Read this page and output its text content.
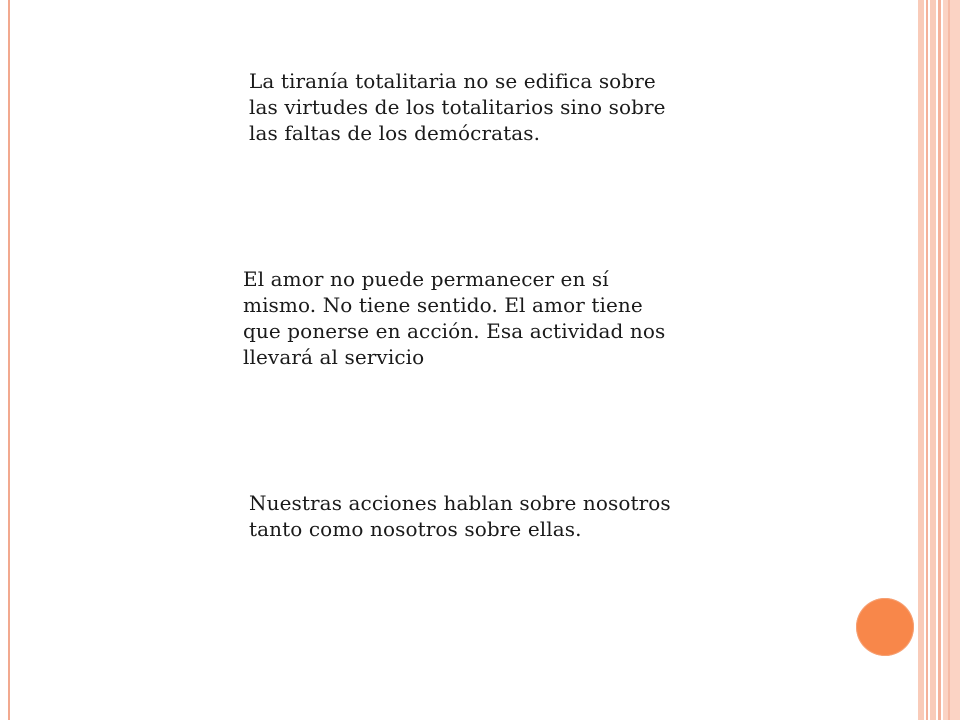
La tiranía totalitaria no se edifica sobre
las virtudes de los totalitarios sino sobre
las faltas de los demócratas.

El amor no puede permanecer en sí
mismo. No tiene sentido. El amor tiene
que ponerse en acción. Esa actividad nos
llevará al servicio

Nuestras acciones hablan sobre nosotros
tanto como nosotros sobre ellas.
